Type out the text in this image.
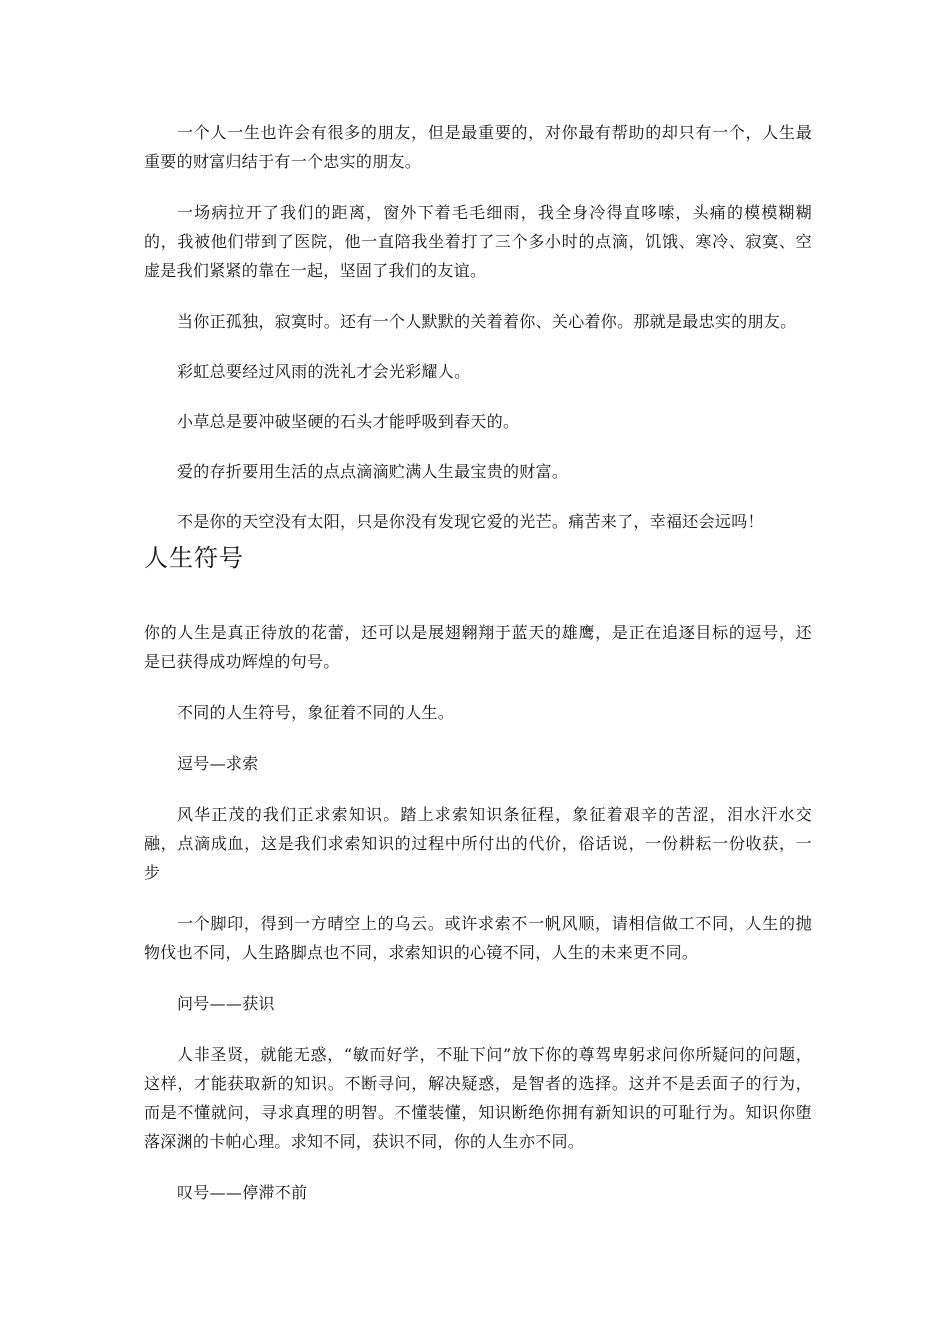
一个人一生也许会有很多的朋友，但是最重要的，对你最有帮助的却只有一个，人生最重要的财富归结于有一个忠实的朋友。

一场病拉开了我们的距离，窗外下着毛毛细雨，我全身冷得直哆嗦，头痛的模模糊糊的，我被他们带到了医院，他一直陪我坐着打了三个多小时的点滴，饥饿、寒冷、寂寞、空虚是我们紧紧的靠在一起，坚固了我们的友谊。

当你正孤独，寂寞时。还有一个人默默的关着着你、关心着你。那就是最忠实的朋友。

彩虹总要经过风雨的洗礼才会光彩耀人。

小草总是要冲破坚硬的石头才能呼吸到春天的。

爱的存折要用生活的点点滴滴贮满人生最宝贵的财富。

不是你的天空没有太阳，只是你没有发现它爱的光芒。痛苦来了，幸福还会远吗！

人生符号

你的人生是真正待放的花蕾，还可以是展翅翱翔于蓝天的雄鹰，是正在追逐目标的逗号，还是已获得成功辉煌的句号。

不同的人生符号，象征着不同的人生。

逗号—求索

风华正茂的我们正求索知识。踏上求索知识条征程，象征着艰辛的苦涩，泪水汗水交融，点滴成血，这是我们求索知识的过程中所付出的代价，俗话说，一份耕耘一份收获，一步

一个脚印，得到一方晴空上的乌云。或许求索不一帆风顺，请相信做工不同，人生的抛物伐也不同，人生路脚点也不同，求索知识的心镜不同，人生的未来更不同。

问号——获识

人非圣贤，就能无惑，“敏而好学，不耻下问”放下你的尊驾卑躬求问你所疑问的问题，这样，才能获取新的知识。不断寻问，解决疑惑，是智者的选择。这并不是丢面子的行为，而是不懂就问，寻求真理的明智。不懂装懂，知识断绝你拥有新知识的可耻行为。知识你堕落深渊的卡帕心理。求知不同，获识不同，你的人生亦不同。

叹号——停滞不前
